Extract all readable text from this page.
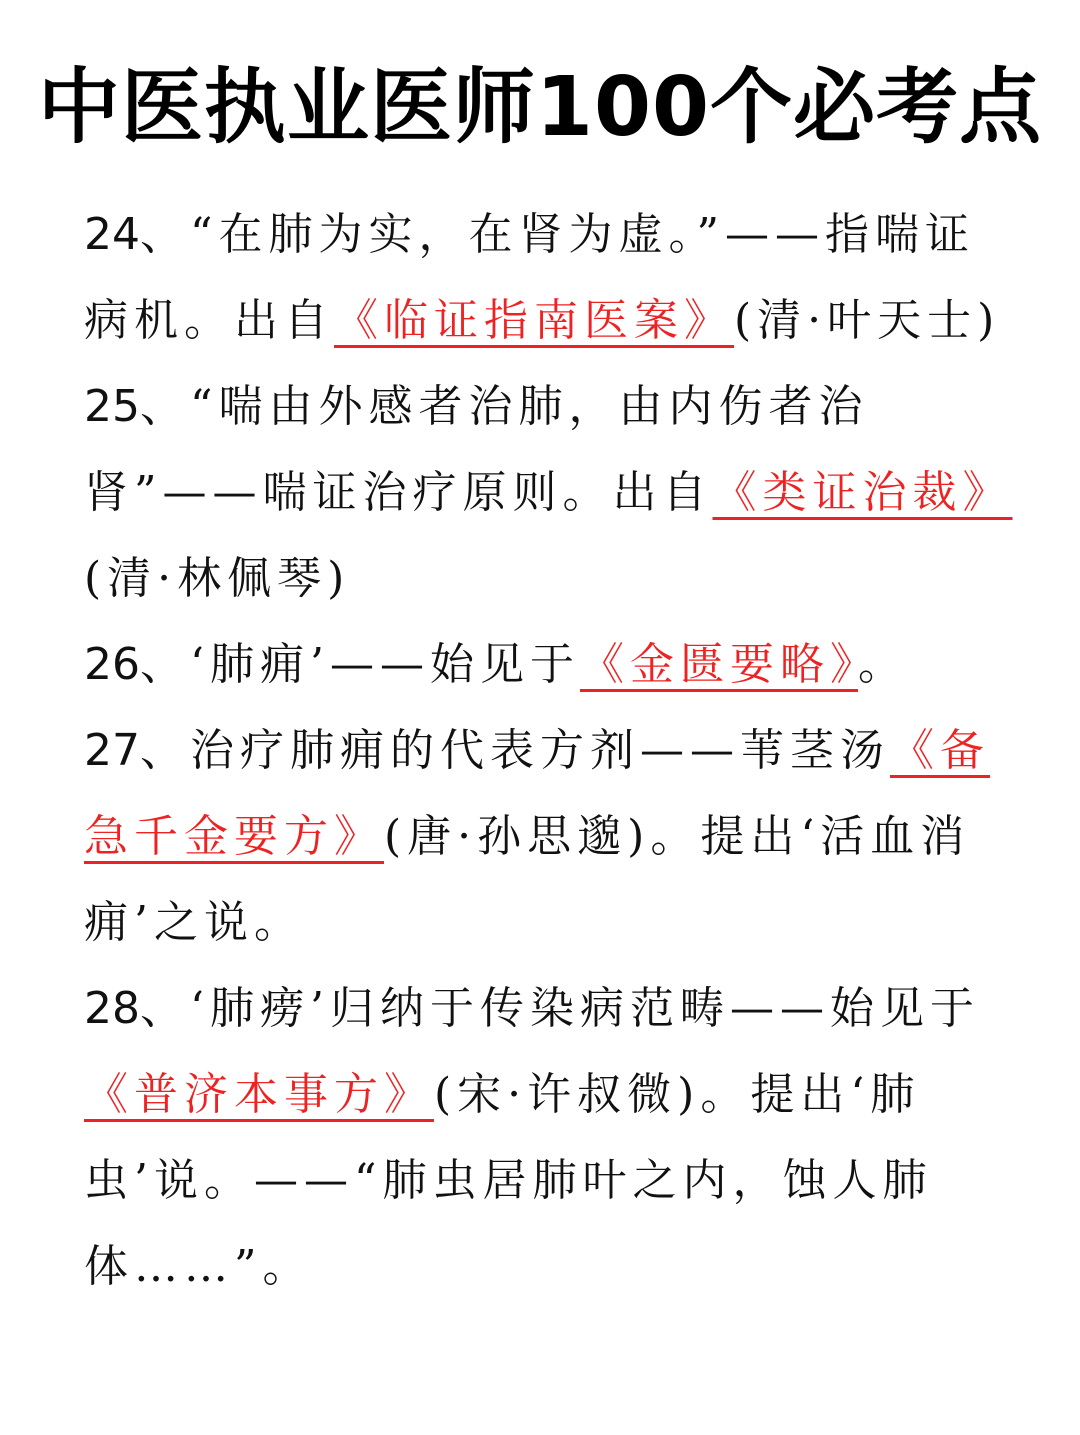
中医执业医师100个必考点

24、“在肺为实，在肾为虚。”——指喘证病机。出自《临证指南医案》(清·叶天士)

25、“喘由外感者治肺，由内伤者治肾”——喘证治疗原则。出自《类证治裁》(清·林佩琴)

26、‘肺痈’——始见于《金匮要略》。

27、治疗肺痈的代表方剂——苇茎汤《备急千金要方》(唐·孙思邈)。提出‘活血消痈’之说。

28、‘肺痨’归纳于传染病范畴——始见于《普济本事方》(宋·许叔微)。提出‘肺虫’说。——“肺虫居肺叶之内，蚀人肺体……”。
